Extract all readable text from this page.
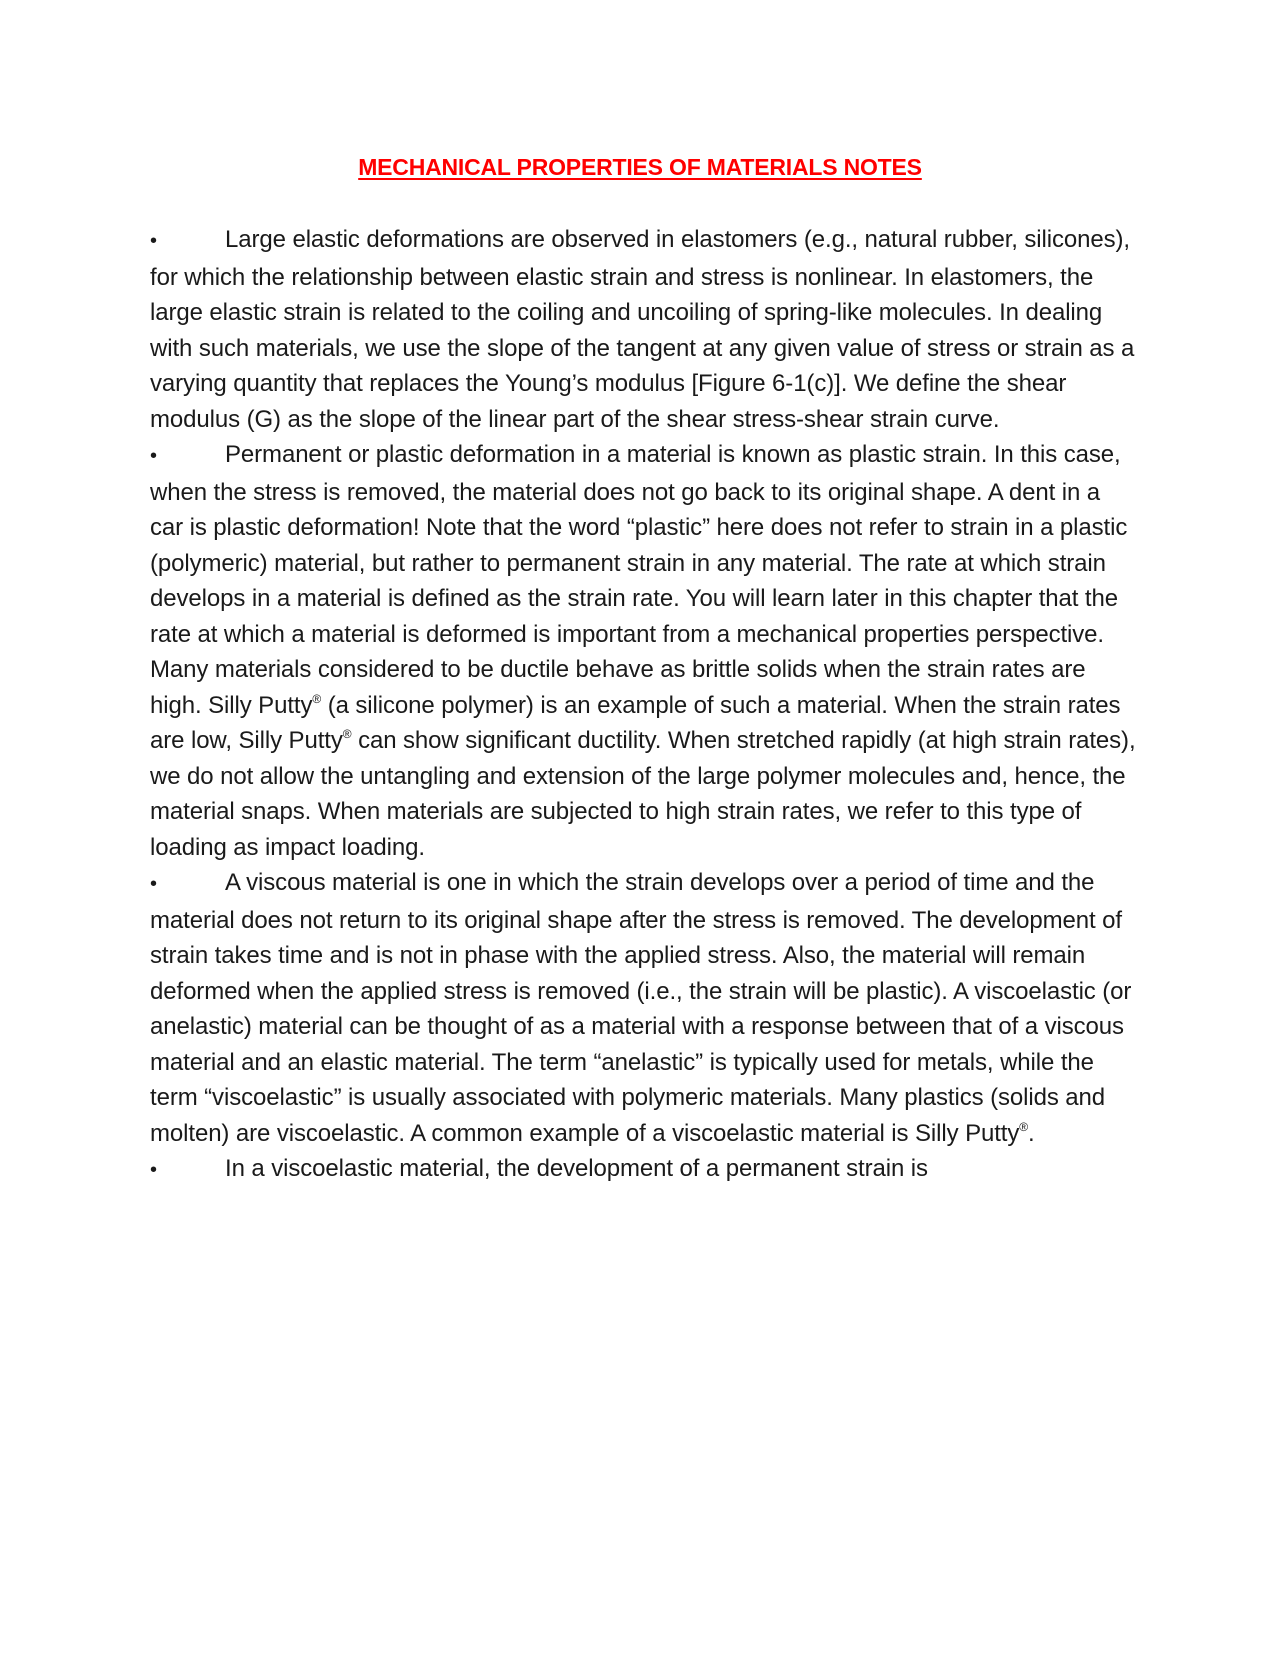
MECHANICAL PROPERTIES OF MATERIALS NOTES

•	Large elastic deformations are observed in elastomers (e.g., natural rubber, silicones), for which the relationship between elastic strain and stress is nonlinear. In elastomers, the large elastic strain is related to the coiling and uncoiling of spring-like molecules. In dealing with such materials, we use the slope of the tangent at any given value of stress or strain as a varying quantity that replaces the Young’s modulus [Figure 6-1(c)]. We define the shear modulus (G) as the slope of the linear part of the shear stress-shear strain curve.

•	Permanent or plastic deformation in a material is known as plastic strain. In this case, when the stress is removed, the material does not go back to its original shape. A dent in a car is plastic deformation! Note that the word “plastic” here does not refer to strain in a plastic (polymeric) material, but rather to permanent strain in any material. The rate at which strain develops in a material is defined as the strain rate. You will learn later in this chapter that the rate at which a material is deformed is important from a mechanical properties perspective. Many materials considered to be ductile behave as brittle solids when the strain rates are high. Silly Putty® (a silicone polymer) is an example of such a material. When the strain rates are low, Silly Putty® can show significant ductility. When stretched rapidly (at high strain rates), we do not allow the untangling and extension of the large polymer molecules and, hence, the material snaps. When materials are subjected to high strain rates, we refer to this type of loading as impact loading.

•	A viscous material is one in which the strain develops over a period of time and the material does not return to its original shape after the stress is removed. The development of strain takes time and is not in phase with the applied stress. Also, the material will remain deformed when the applied stress is removed (i.e., the strain will be plastic). A viscoelastic (or anelastic) material can be thought of as a material with a response between that of a viscous material and an elastic material. The term “anelastic” is typically used for metals, while the term “viscoelastic” is usually associated with polymeric materials. Many plastics (solids and molten) are viscoelastic. A common example of a viscoelastic material is Silly Putty®.

•	In a viscoelastic material, the development of a permanent strain is
